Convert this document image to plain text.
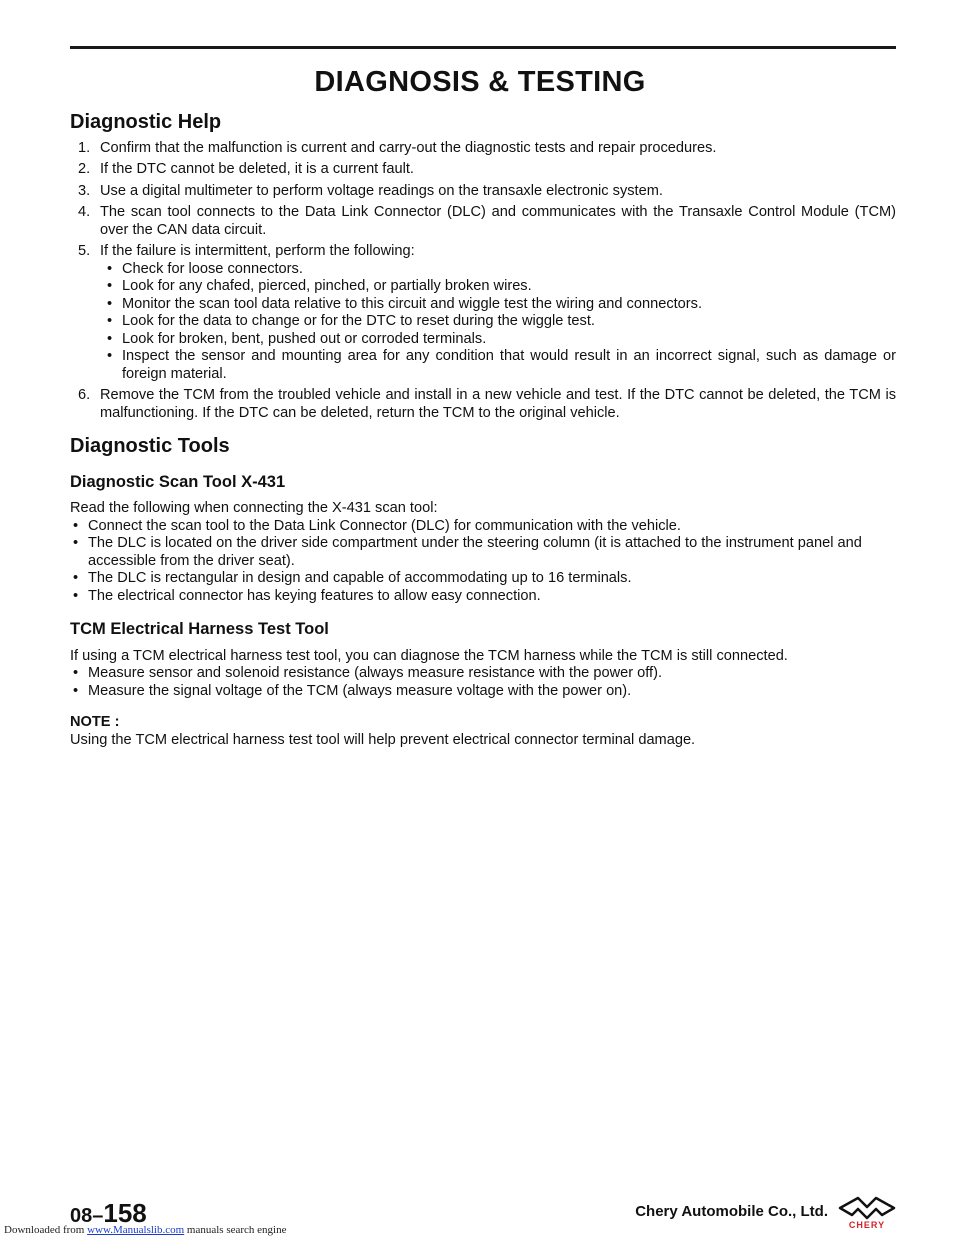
DIAGNOSIS & TESTING
Diagnostic Help
1. Confirm that the malfunction is current and carry-out the diagnostic tests and repair procedures.
2. If the DTC cannot be deleted, it is a current fault.
3. Use a digital multimeter to perform voltage readings on the transaxle electronic system.
4. The scan tool connects to the Data Link Connector (DLC) and communicates with the Transaxle Control Module (TCM) over the CAN data circuit.
5. If the failure is intermittent, perform the following:
• Check for loose connectors.
• Look for any chafed, pierced, pinched, or partially broken wires.
• Monitor the scan tool data relative to this circuit and wiggle test the wiring and connectors.
• Look for the data to change or for the DTC to reset during the wiggle test.
• Look for broken, bent, pushed out or corroded terminals.
• Inspect the sensor and mounting area for any condition that would result in an incorrect signal, such as damage or foreign material.
6. Remove the TCM from the troubled vehicle and install in a new vehicle and test. If the DTC cannot be deleted, the TCM is malfunctioning. If the DTC can be deleted, return the TCM to the original vehicle.
Diagnostic Tools
Diagnostic Scan Tool X-431

Read the following when connecting the X-431 scan tool:

• Connect the scan tool to the Data Link Connector (DLC) for communication with the vehicle.
• The DLC is located on the driver side compartment under the steering column (it is attached to the instrument panel and accessible from the driver seat).
• The DLC is rectangular in design and capable of accommodating up to 16 terminals.
• The electrical connector has keying features to allow easy connection.
TCM Electrical Harness Test Tool

If using a TCM electrical harness test tool, you can diagnose the TCM harness while the TCM is still connected.

• Measure sensor and solenoid resistance (always measure resistance with the power off).
• Measure the signal voltage of the TCM (always measure voltage with the power on).

NOTE :

Using the TCM electrical harness test tool will help prevent electrical connector terminal damage.

08–158	Chery Automobile Co., Ltd.
CHERY
Downloaded from www.Manualslib.com manuals search engine
